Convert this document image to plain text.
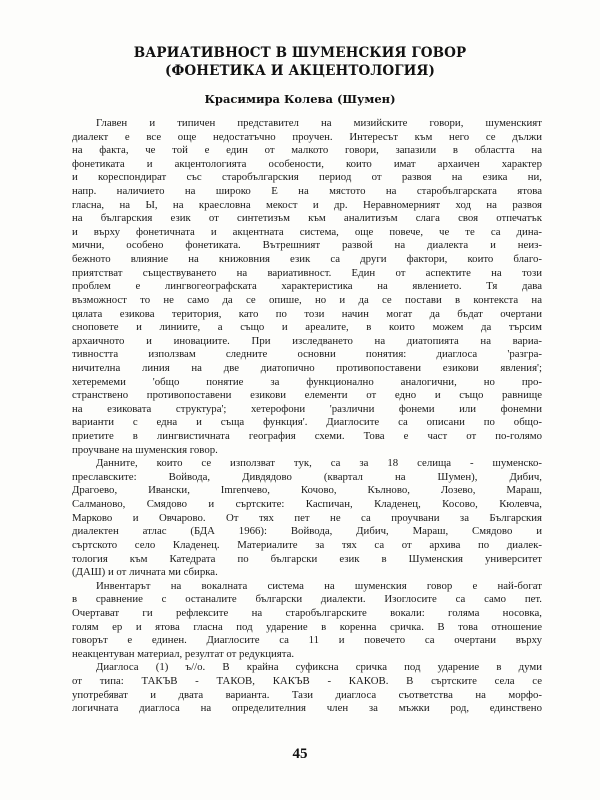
ВАРИАТИВНОСТ В ШУМЕНСКИЯ ГОВОР
(ФОНЕТИКА И АКЦЕНТОЛОГИЯ)
Красимира Колева (Шумен)
Главен и типичен представител на мизийските говори, шуменският
диалект е все още недостатъчно проучен. Интересът към него се дължи
на факта, че той е един от малкото говори, запазили в областта на
фонетиката и акцентологията особености, които имат архаичен характер
и кореспондират със старобългарския период от развоя на езика ни,
напр. наличието на широко Е на мястото на старобългарската ятова
гласна, на Ы, на краесловна мекост и др. Неравномерният ход на развоя
на българския език от синтетизъм към аналитизъм слага своя отпечатък
и върху фонетичната и акцентната система, още повече, че те са дина-
мични, особено фонетиката. Вътрешният развой на диалекта и неиз-
бежното влияние на книжовния език са други фактори, които благо-
приятстват съществуването на вариативност. Един от аспектите на този
проблем е лингвогеографската характеристика на явлението. Тя дава
възможност то не само да се опише, но и да се постави в контекста на
цялата езикова територия, като по този начин могат да бъдат очертани
сноповете и линиите, а също и ареалите, в които можем да търсим
архаичното и иновациите. При изследването на диатопията на вариа-
тивността използвам следните основни понятия: диаглоса 'разгра-
ничителна линия на две диатопично противопоставени езикови явления';
хетеремеми 'общо понятие за функционално аналогични, но про-
странствено противопоставени езикови елементи от едно и също равнище
на езиковата структура'; хетерофони 'различни фонеми или фонемни
варианти с една и съща функция'. Диаглосите са описани по общо-
приетите в лингвистичната география схеми. Това е част от по-голямо
проучване на шуменския говор.
Данните, които се използват тук, са за 18 селища - шуменско-
преславските: Войвода, Дивдядово (квартал на Шумен), Дибич,
Драгоево, Ивански, Imrenчево, Кочово, Кълново, Лозево, Мараш,
Салманово, Смядово и съртските: Каспичан, Кладенец, Косово, Кюлевча,
Марково и Овчарово. От тях пет не са проучвани за Българския
диалектен атлас (БДА 1966): Войвода, Дибич, Мараш, Смядово и
съртското село Кладенец. Материалите за тях са от архива по диалек-
тология към Катедрата по български език в Шуменския университет
(ДАШ) и от личната ми сбирка.
Инвентарът на вокалната система на шуменския говор е най-богат
в сравнение с останалите български диалекти. Изоглосите са само пет.
Очертават ги рефлексите на старобългарските вокали: голяма носовка,
голям ер и ятова гласна под ударение в коренна сричка. В това отношение
говорът е единен. Диаглосите са 11 и повечето са очертани върху
неакцентуван материал, резултат от редукцията.
Диаглоса (1) ъ//о. В крайна суфиксна сричка под ударение в думи
от типа: ТАКЪВ - ТАКОВ, КАКЪВ - КАКОВ. В съртските села се
употребяват и двата варианта. Тази диаглоса съответства на морфо-
логичната диаглоса на определителния член за мъжки род, единствено
45
